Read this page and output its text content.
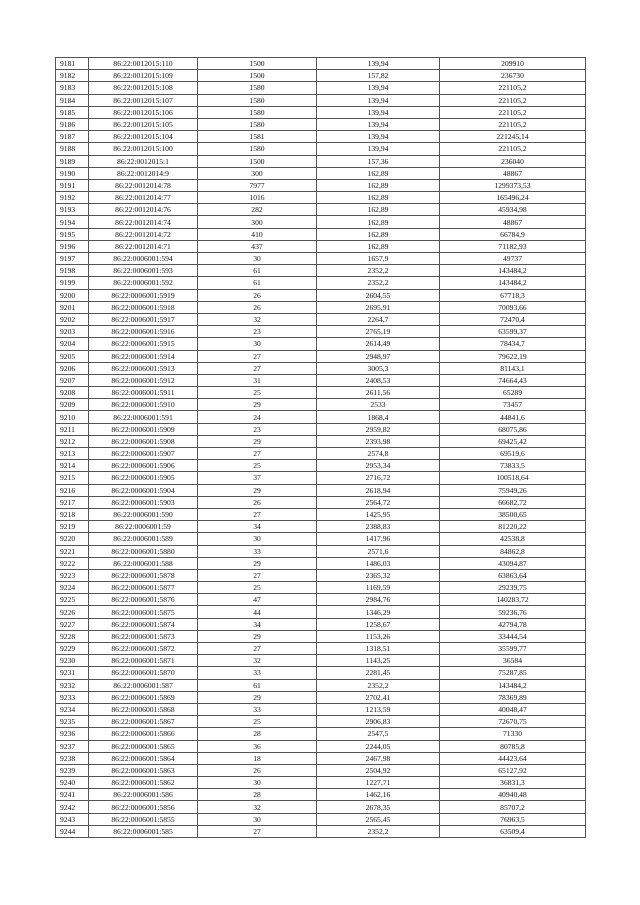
9181	86:22:0012015:110	1500	139,94	209910
9182	86:22:0012015:109	1500	157,82	236730
9183	86:22:0012015:108	1580	139,94	221105,2
9184	86:22:0012015:107	1580	139,94	221105,2
9185	86:22:0012015:106	1580	139,94	221105,2
9186	86:22:0012015:105	1580	139,94	221105,2
9187	86:22:0012015:104	1581	139,94	221245,14
9188	86:22:0012015:100	1580	139,94	221105,2
9189	86:22:0012015:1	1500	157,36	236040
9190	86:22:0012014:9	300	162,89	48867
9191	86:22:0012014:78	7977	162,89	1299373,53
9192	86:22:0012014:77	1016	162,89	165496,24
9193	86:22:0012014:76	282	162,89	45934,98
9194	86:22:0012014:74	300	162,89	48867
9195	86:22:0012014:72	410	162,89	66784,9
9196	86:22:0012014:71	437	162,89	71182,93
9197	86:22:0006001:594	30	1657,9	49737
9198	86:22:0006001:593	61	2352,2	143484,2
9199	86:22:0006001:592	61	2352,2	143484,2
9200	86:22:0006001:5919	26	2604,55	67718,3
9201	86:22:0006001:5918	26	2695,91	70093,66
9202	86:22:0006001:5917	32	2264,7	72470,4
9203	86:22:0006001:5916	23	2765,19	63599,37
9204	86:22:0006001:5915	30	2614,49	78434,7
9205	86:22:0006001:5914	27	2948,97	79622,19
9206	86:22:0006001:5913	27	3005,3	81143,1
9207	86:22:0006001:5912	31	2408,53	74664,43
9208	86:22:0006001:5911	25	2611,56	65289
9209	86:22:0006001:5910	29	2533	73457
9210	86:22:0006001:591	24	1868,4	44841,6
9211	86:22:0006001:5909	23	2959,82	68075,86
9212	86:22:0006001:5908	29	2393,98	69425,42
9213	86:22:0006001:5907	27	2574,8	69519,6
9214	86:22:0006001:5906	25	2953,34	73833,5
9215	86:22:0006001:5905	37	2716,72	100518,64
9216	86:22:0006001:5904	29	2618,94	75949,26
9217	86:22:0006001:5903	26	2564,72	66682,72
9218	86:22:0006001:590	27	1425,95	38500,65
9219	86:22:0006001:59	34	2388,83	81220,22
9220	86:22:0006001:589	30	1417,96	42538,8
9221	86:22:0006001:5880	33	2571,6	84862,8
9222	86:22:0006001:588	29	1486,03	43094,87
9223	86:22:0006001:5878	27	2365,32	63863,64
9224	86:22:0006001:5877	25	1169,59	29239,75
9225	86:22:0006001:5876	47	2984,76	140283,72
9226	86:22:0006001:5875	44	1346,29	59236,76
9227	86:22:0006001:5874	34	1258,67	42794,78
9228	86:22:0006001:5873	29	1153,26	33444,54
9229	86:22:0006001:5872	27	1318,51	35599,77
9230	86:22:0006001:5871	32	1143,25	36584
9231	86:22:0006001:5870	33	2281,45	75287,85
9232	86:22:0006001:587	61	2352,2	143484,2
9233	86:22:0006001:5869	29	2702,41	78369,89
9234	86:22:0006001:5868	33	1213,59	40048,47
9235	86:22:0006001:5867	25	2906,83	72670,75
9236	86:22:0006001:5866	28	2547,5	71330
9237	86:22:0006001:5865	36	2244,05	80785,8
9238	86:22:0006001:5864	18	2467,98	44423,64
9239	86:22:0006001:5863	26	2504,92	65127,92
9240	86:22:0006001:5862	30	1227,71	36831,3
9241	86:22:0006001:586	28	1462,16	40940,48
9242	86:22:0006001:5856	32	2678,35	85707,2
9243	86:22:0006001:5855	30	2565,45	76963,5
9244	86:22:0006001:585	27	2352,2	63509,4
